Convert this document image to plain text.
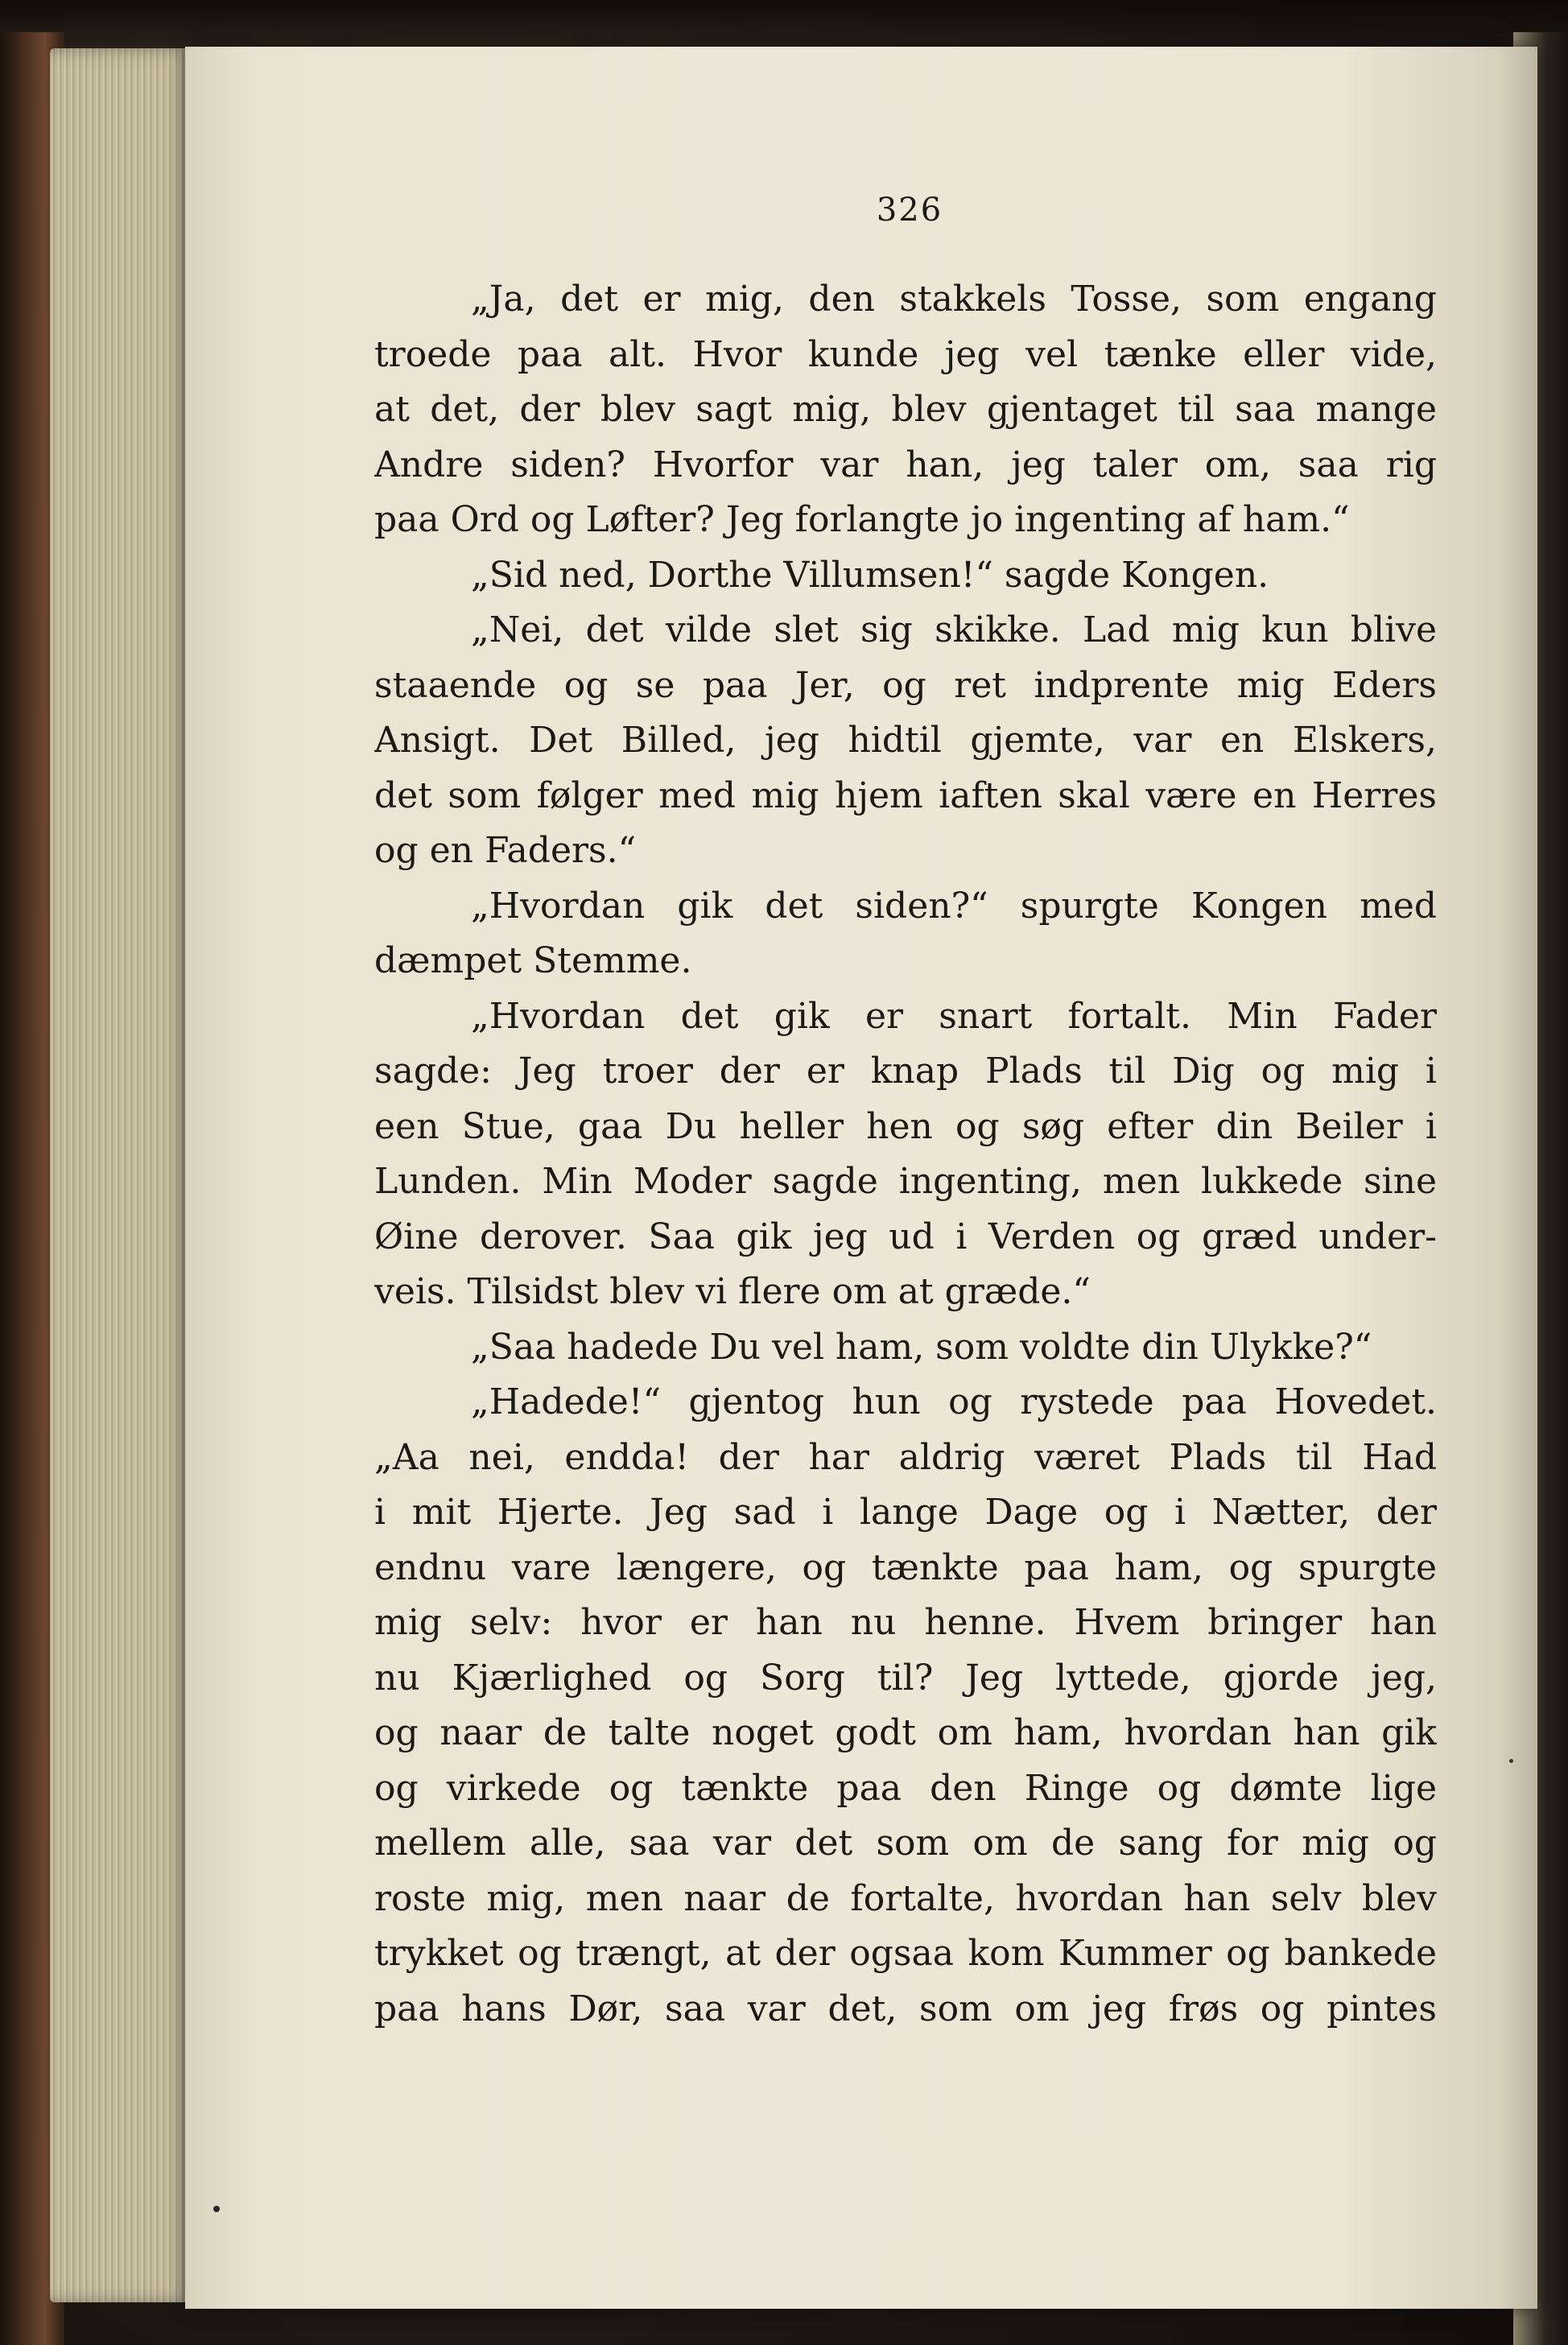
326
„Ja, det er mig, den stakkels Tosse, som engang
troede paa alt. Hvor kunde jeg vel tænke eller vide,
at det, der blev sagt mig, blev gjentaget til saa mange
Andre siden? Hvorfor var han, jeg taler om, saa rig
paa Ord og Løfter? Jeg forlangte jo ingenting af ham.“
„Sid ned, Dorthe Villumsen!“ sagde Kongen.
„Nei, det vilde slet sig skikke. Lad mig kun blive
staaende og se paa Jer, og ret indprente mig Eders
Ansigt. Det Billed, jeg hidtil gjemte, var en Elskers,
det som følger med mig hjem iaften skal være en Herres
og en Faders.“
„Hvordan gik det siden?“ spurgte Kongen med
dæmpet Stemme.
„Hvordan det gik er snart fortalt. Min Fader
sagde: Jeg troer der er knap Plads til Dig og mig i
een Stue, gaa Du heller hen og søg efter din Beiler i
Lunden. Min Moder sagde ingenting, men lukkede sine
Øine derover. Saa gik jeg ud i Verden og græd under-
veis. Tilsidst blev vi flere om at græde.“
„Saa hadede Du vel ham, som voldte din Ulykke?“
„Hadede!“ gjentog hun og rystede paa Hovedet.
„Aa nei, endda! der har aldrig været Plads til Had
i mit Hjerte. Jeg sad i lange Dage og i Nætter, der
endnu vare længere, og tænkte paa ham, og spurgte
mig selv: hvor er han nu henne. Hvem bringer han
nu Kjærlighed og Sorg til? Jeg lyttede, gjorde jeg,
og naar de talte noget godt om ham, hvordan han gik
og virkede og tænkte paa den Ringe og dømte lige
mellem alle, saa var det som om de sang for mig og
roste mig, men naar de fortalte, hvordan han selv blev
trykket og trængt, at der ogsaa kom Kummer og bankede
paa hans Dør, saa var det, som om jeg frøs og pintes
